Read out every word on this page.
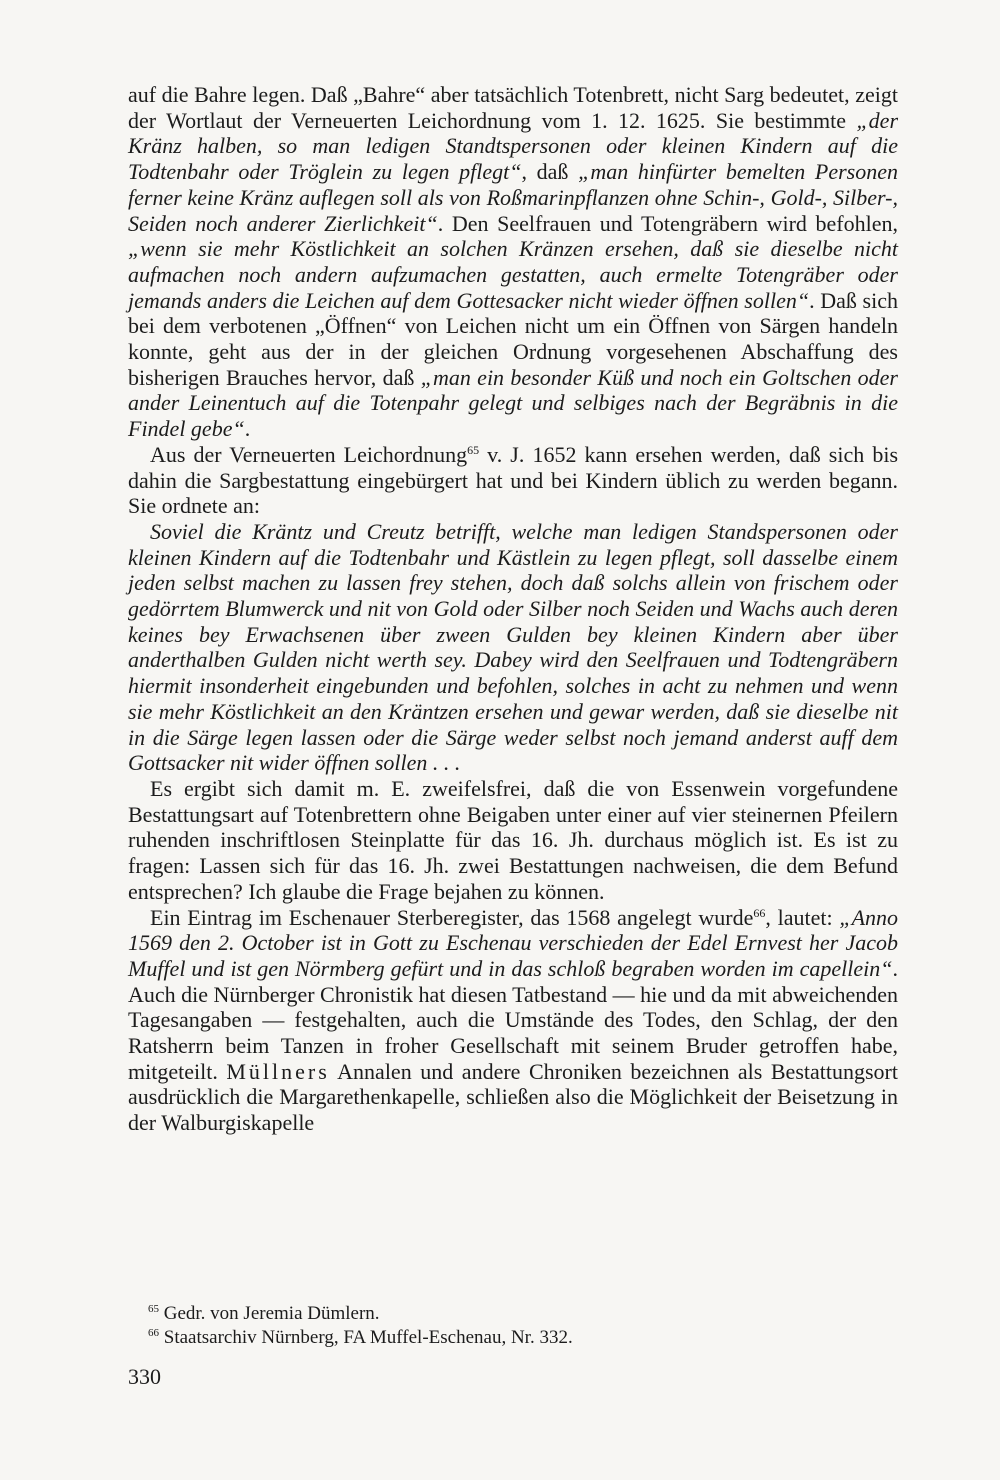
auf die Bahre legen. Daß „Bahre“ aber tatsächlich Totenbrett, nicht Sarg bedeutet, zeigt der Wortlaut der Verneuerten Leichordnung vom 1. 12. 1625. Sie bestimmte „der Kränz halben, so man ledigen Standtspersonen oder kleinen Kindern auf die Todtenbahr oder Tröglein zu legen pflegt“, daß „man hinfürter bemelten Personen ferner keine Kränz auflegen soll als von Roßmarinpflanzen ohne Schin-, Gold-, Silber-, Seiden noch anderer Zierlichkeit“. Den Seelfrauen und Totengräbern wird befohlen, „wenn sie mehr Köstlichkeit an solchen Kränzen ersehen, daß sie dieselbe nicht aufmachen noch andern aufzumachen gestatten, auch ermelte Totengräber oder jemands anders die Leichen auf dem Gottesacker nicht wieder öffnen sollen“. Daß sich bei dem verbotenen „Öffnen“ von Leichen nicht um ein Öffnen von Särgen handeln konnte, geht aus der in der gleichen Ordnung vorgesehenen Abschaffung des bisherigen Brauches hervor, daß „man ein besonder Küß und noch ein Goltschen oder ander Leinentuch auf die Totenpahr gelegt und selbiges nach der Begräbnis in die Findel gebe“.

Aus der Verneuerten Leichordnung$^{65}$ v. J. 1652 kann ersehen werden, daß sich bis dahin die Sargbestattung eingebürgert hat und bei Kindern üblich zu werden begann. Sie ordnete an:

Soviel die Kräntz und Creutz betrifft, welche man ledigen Standspersonen oder kleinen Kindern auf die Todtenbahr und Kästlein zu legen pflegt, soll dasselbe einem jeden selbst machen zu lassen frey stehen, doch daß solchs allein von frischem oder gedörrtem Blumwerck und nit von Gold oder Silber noch Seiden und Wachs auch deren keines bey Erwachsenen über zween Gulden bey kleinen Kindern aber über anderthalben Gulden nicht werth sey. Dabey wird den Seelfrauen und Todtengräbern hiermit insonderheit eingebunden und befohlen, solches in acht zu nehmen und wenn sie mehr Köstlichkeit an den Kräntzen ersehen und gewar werden, daß sie dieselbe nit in die Särge legen lassen oder die Särge weder selbst noch jemand anderst auff dem Gottsacker nit wider öffnen sollen . . .

Es ergibt sich damit m. E. zweifelsfrei, daß die von Essenwein vorgefundene Bestattungsart auf Totenbrettern ohne Beigaben unter einer auf vier steinernen Pfeilern ruhenden inschriftlosen Steinplatte für das 16. Jh. durchaus möglich ist. Es ist zu fragen: Lassen sich für das 16. Jh. zwei Bestattungen nachweisen, die dem Befund entsprechen? Ich glaube die Frage bejahen zu können.

Ein Eintrag im Eschenauer Sterberegister, das 1568 angelegt wurde$^{66}$, lautet: „Anno 1569 den 2. October ist in Gott zu Eschenau verschieden der Edel Ernvest her Jacob Muffel und ist gen Nörmberg gefürt und in das schloß begraben worden im capellein“. Auch die Nürnberger Chronistik hat diesen Tatbestand — hie und da mit abweichenden Tagesangaben — festgehalten, auch die Umstände des Todes, den Schlag, der den Ratsherrn beim Tanzen in froher Gesellschaft mit seinem Bruder getroffen habe, mitgeteilt. Müllners Annalen und andere Chroniken bezeichnen als Bestattungsort ausdrücklich die Margarethenkapelle, schließen also die Möglichkeit der Beisetzung in der Walburgiskapelle

$^{65}$ Gedr. von Jeremia Dümlern.

$^{66}$ Staatsarchiv Nürnberg, FA Muffel-Eschenau, Nr. 332.

330
